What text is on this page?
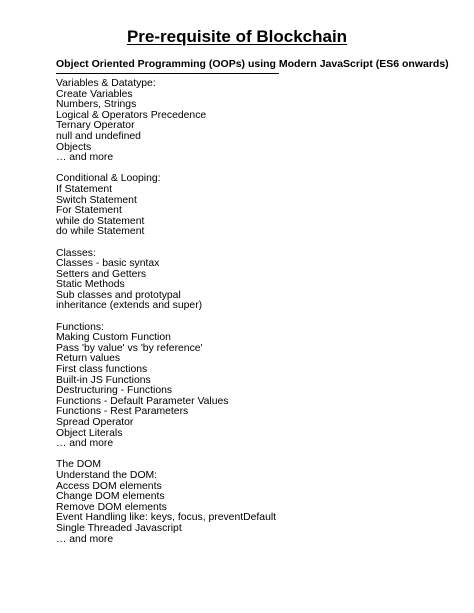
Pre-requisite of Blockchain

Object Oriented Programming (OOPs) using Modern JavaScript (ES6 onwards)

Variables & Datatype:
Create Variables
Numbers, Strings
Logical & Operators Precedence
Ternary Operator
null and undefined
Objects
… and more
Conditional & Looping:
If Statement
Switch Statement
For Statement
while do Statement
do while Statement
Classes:
Classes - basic syntax
Setters and Getters
Static Methods
Sub classes and prototypal
inheritance (extends and super)
Functions:
Making Custom Function
Pass 'by value' vs 'by reference'
Return values
First class functions
Built-in JS Functions
Destructuring - Functions
Functions - Default Parameter Values
Functions - Rest Parameters
Spread Operator
Object Literals
… and more
The DOM
Understand the DOM:
Access DOM elements
Change DOM elements
Remove DOM elements
Event Handling like: keys, focus, preventDefault
Single Threaded Javascript
… and more
